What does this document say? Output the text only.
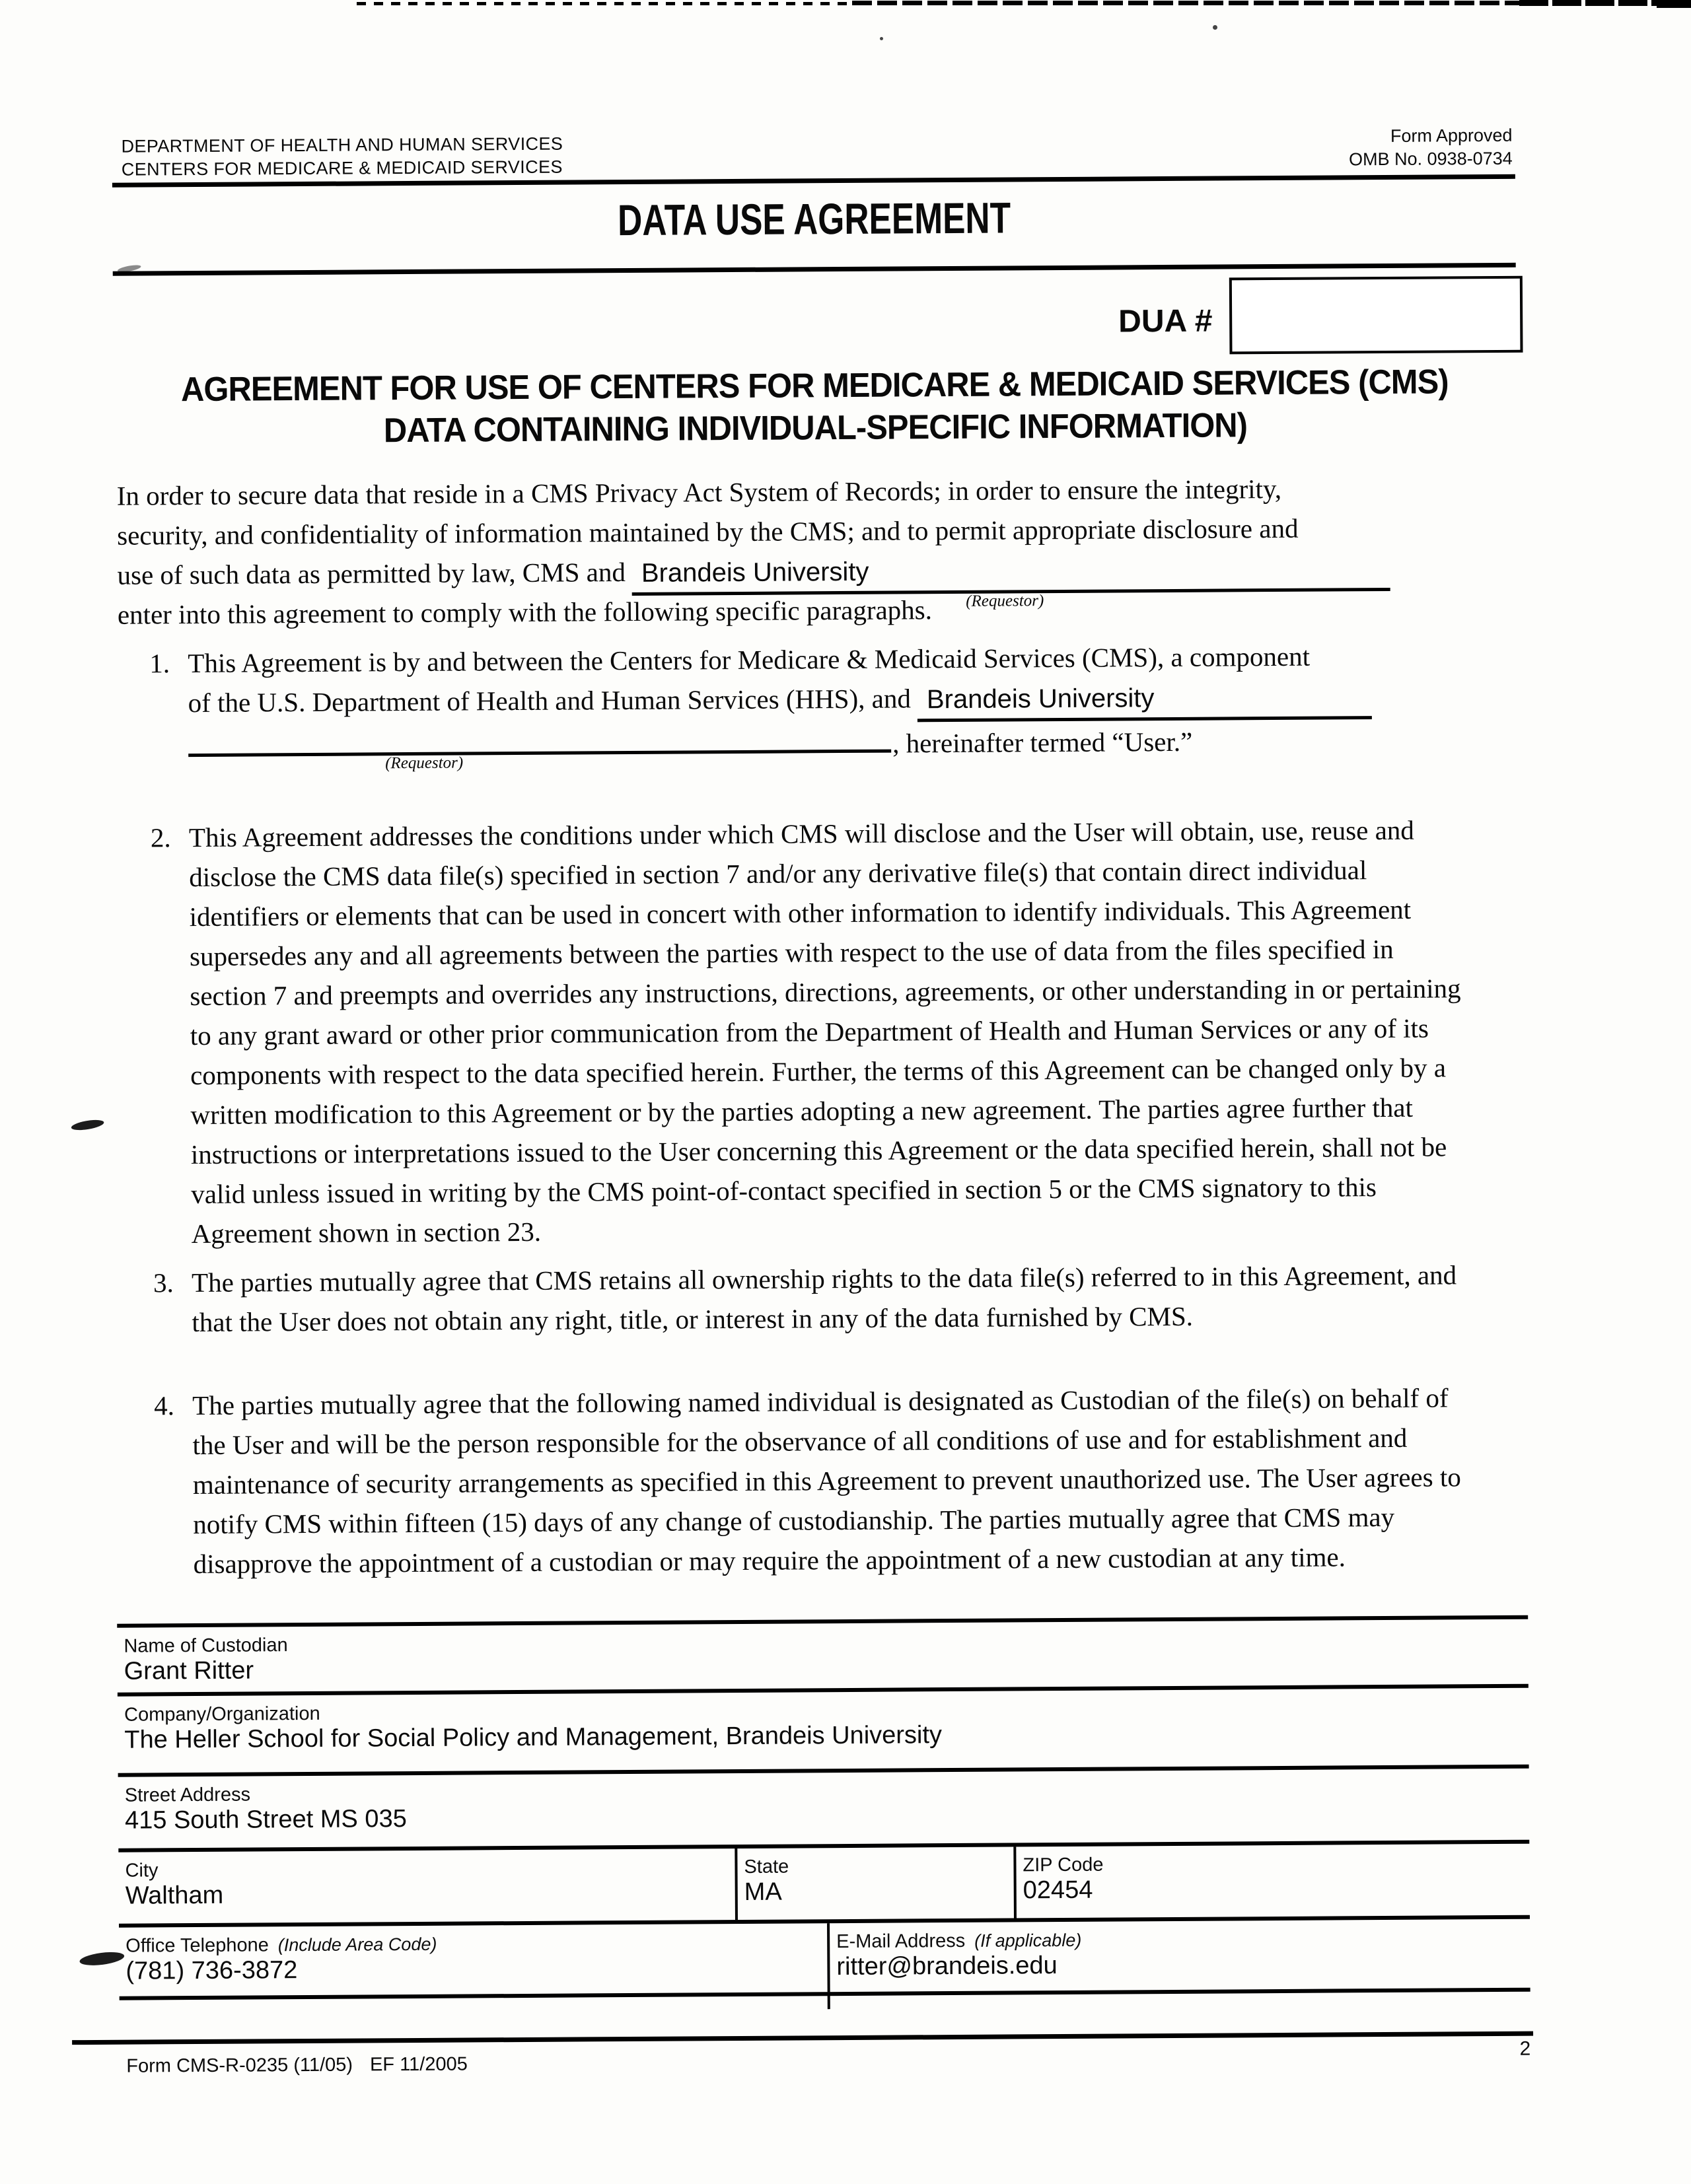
DEPARTMENT OF HEALTH AND HUMAN SERVICES
CENTERS FOR MEDICARE & MEDICAID SERVICES
Form Approved
OMB No. 0938-0734
DATA USE AGREEMENT
DUA #
AGREEMENT FOR USE OF CENTERS FOR MEDICARE & MEDICAID SERVICES (CMS)
DATA CONTAINING INDIVIDUAL-SPECIFIC INFORMATION)
In order to secure data that reside in a CMS Privacy Act System of Records; in order to ensure the integrity,
security, and confidentiality of information maintained by the CMS; and to permit appropriate disclosure and
use of such data as permitted by law, CMS and Brandeis University
(Requestor)
enter into this agreement to comply with the following specific paragraphs.
1. This Agreement is by and between the Centers for Medicare & Medicaid Services (CMS), a component
of the U.S. Department of Health and Human Services (HHS), and Brandeis University
(Requestor)
, hereinafter termed “User.”
2. This Agreement addresses the conditions under which CMS will disclose and the User will obtain, use, reuse and disclose the CMS data file(s) specified in section 7 and/or any derivative file(s) that contain direct individual identifiers or elements that can be used in concert with other information to identify individuals. This Agreement supersedes any and all agreements between the parties with respect to the use of data from the files specified in section 7 and preempts and overrides any instructions, directions, agreements, or other understanding in or pertaining to any grant award or other prior communication from the Department of Health and Human Services or any of its components with respect to the data specified herein. Further, the terms of this Agreement can be changed only by a written modification to this Agreement or by the parties adopting a new agreement. The parties agree further that instructions or interpretations issued to the User concerning this Agreement or the data specified herein, shall not be valid unless issued in writing by the CMS point-of-contact specified in section 5 or the CMS signatory to this Agreement shown in section 23.
3. The parties mutually agree that CMS retains all ownership rights to the data file(s) referred to in this Agreement, and that the User does not obtain any right, title, or interest in any of the data furnished by CMS.
4. The parties mutually agree that the following named individual is designated as Custodian of the file(s) on behalf of the User and will be the person responsible for the observance of all conditions of use and for establishment and maintenance of security arrangements as specified in this Agreement to prevent unauthorized use. The User agrees to notify CMS within fifteen (15) days of any change of custodianship. The parties mutually agree that CMS may disapprove the appointment of a custodian or may require the appointment of a new custodian at any time.
Name of Custodian
Grant Ritter
Company/Organization
The Heller School for Social Policy and Management, Brandeis University
Street Address
415 South Street MS 035
City
Waltham
State
MA
ZIP Code
02454
Office Telephone (Include Area Code)
(781) 736-3872
E-Mail Address (If applicable)
ritter@brandeis.edu
Form CMS-R-0235 (11/05) EF 11/2005
2
